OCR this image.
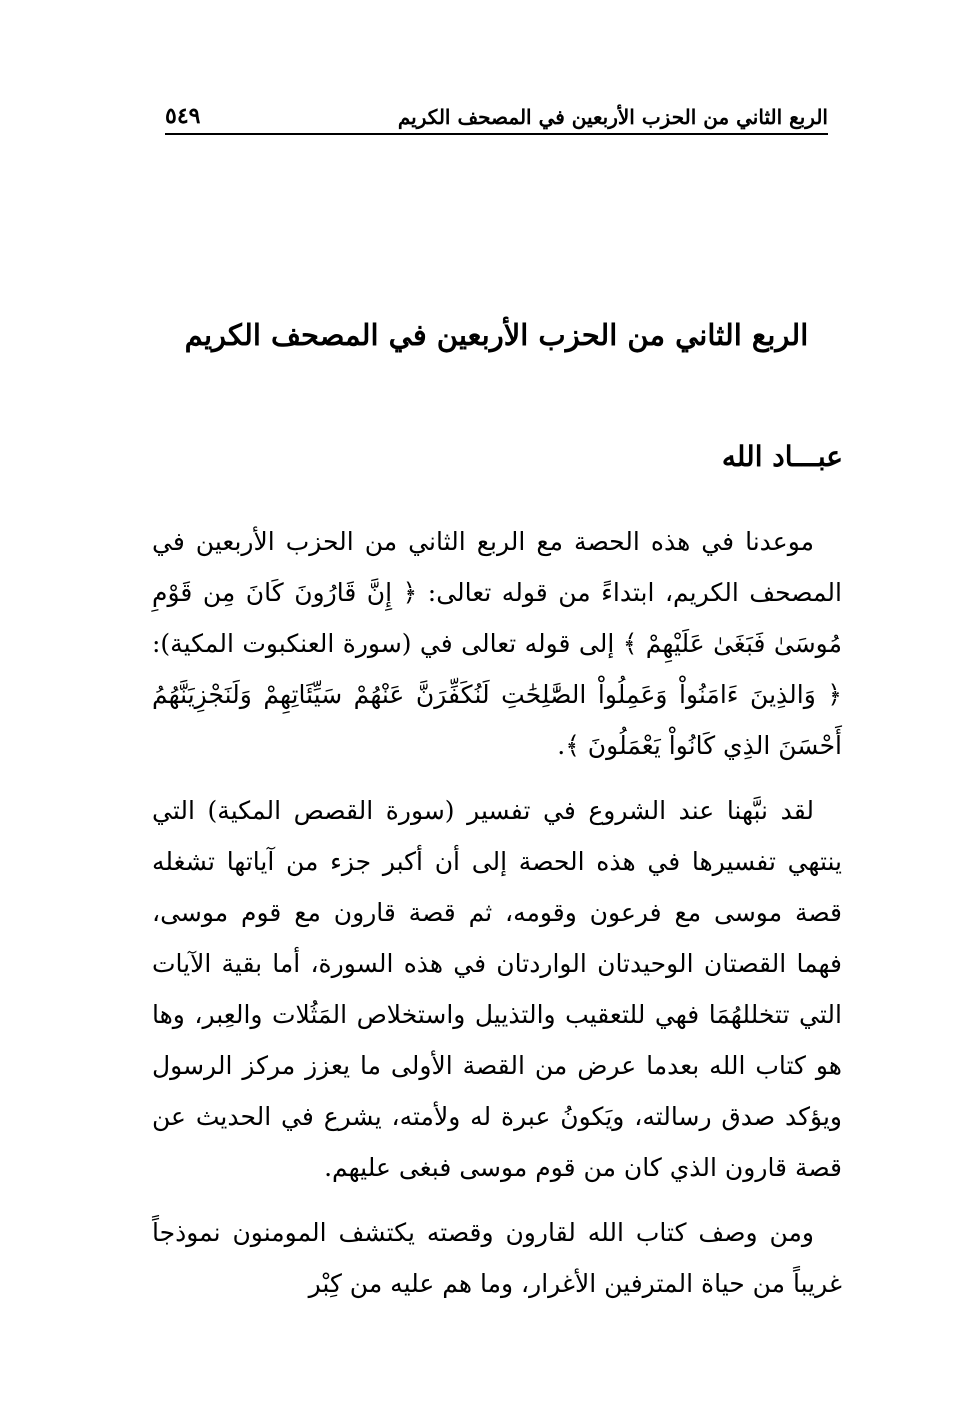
الربع الثاني من الحزب الأربعين في المصحف الكريم
٥٤٩
الربع الثاني من الحزب الأربعين في المصحف الكريم
عبـــاد الله

موعدنا في هذه الحصة مع الربع الثاني من الحزب الأربعين في المصحف الكريم، ابتداءً من قوله تعالى: ﴿ إِنَّ قَارُونَ كَانَ مِن قَوْمِ مُوسَىٰ فَبَغَىٰ عَلَيْهِمْ ﴾ إلى قوله تعالى في (سورة العنكبوت المكية): ﴿ وَالذِينَ ءَامَنُواْ وَعَمِلُواْ الصَّٰلِحَٰتِ لَنُكَفِّرَنَّ عَنْهُمْ سَيِّئَاتِهِمْ وَلَنَجْزِيَنَّهُمُ أَحْسَنَ الذِي كَانُواْ يَعْمَلُونَ ﴾.

لقد نبَّهنا عند الشروع في تفسير (سورة القصص المكية) التي ينتهي تفسيرها في هذه الحصة إلى أن أكبر جزء من آياتها تشغله قصة موسى مع فرعون وقومه، ثم قصة قارون مع قوم موسى، فهما القصتان الوحيدتان الواردتان في هذه السورة، أما بقية الآيات التي تتخللهُمَا فهي للتعقيب والتذييل واستخلاص المَثُلات والعِبر، وها هو كتاب الله بعدما عرض من القصة الأولى ما يعزز مركز الرسول ويؤكد صدق رسالته، ويَكونُ عبرة له ولأمته، يشرع في الحديث عن قصة قارون الذي كان من قوم موسى فبغى عليهم.

ومن وصف كتاب الله لقارون وقصته يكتشف المومنون نموذجاً غريباً من حياة المترفين الأغرار، وما هم عليه من كِبْر
